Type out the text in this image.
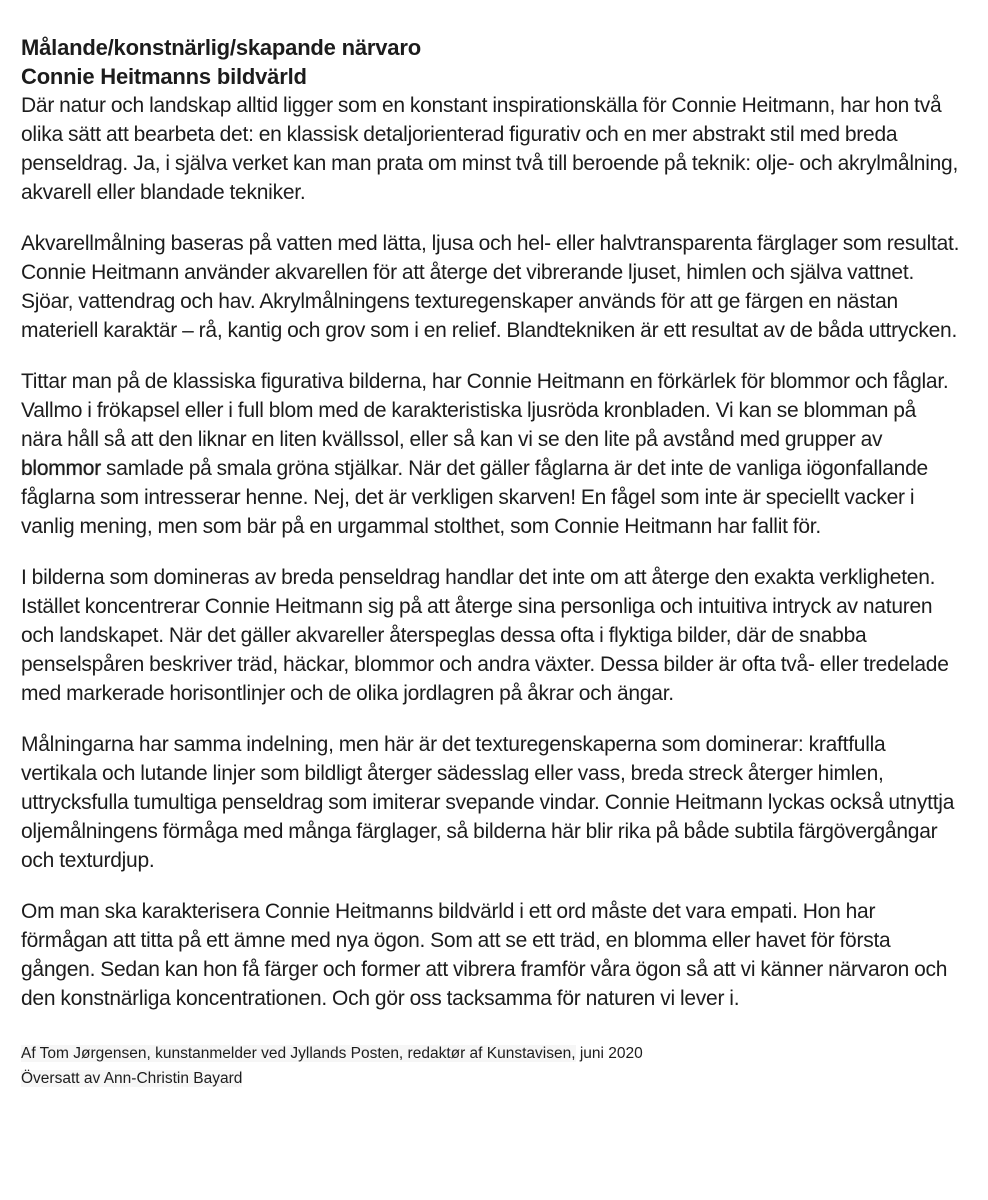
Målande/konstnärlig/skapande närvaro

Connie Heitmanns bildvärld

Där natur och landskap alltid ligger som en konstant inspirationskälla för Connie Heitmann, har hon två olika sätt att bearbeta det: en klassisk detaljorienterad figurativ och en mer abstrakt stil med breda penseldrag. Ja, i själva verket kan man prata om minst två till beroende på teknik: olje- och akrylmålning, akvarell eller blandade tekniker.

Akvarellmålning baseras på vatten med lätta, ljusa och hel- eller halvtransparenta färglager som resultat. Connie Heitmann använder akvarellen för att återge det vibrerande ljuset, himlen och själva vattnet. Sjöar, vattendrag och hav. Akrylmålningens texturegenskaper används för att ge färgen en nästan materiell karaktär – rå, kantig och grov som i en relief. Blandtekniken är ett resultat av de båda uttrycken.

Tittar man på de klassiska figurativa bilderna, har Connie Heitmann en förkärlek för blommor och fåglar. Vallmo i frökapsel eller i full blom med de karakteristiska ljusröda kronbladen. Vi kan se blomman på nära håll så att den liknar en liten kvällssol, eller så kan vi se den lite på avstånd med grupper av blommor samlade på smala gröna stjälkar. När det gäller fåglarna är det inte de vanliga iögonfallande fåglarna som intresserar henne. Nej, det är verkligen skarven! En fågel som inte är speciellt vacker i vanlig mening, men som bär på en urgammal stolthet, som Connie Heitmann har fallit för.

I bilderna som domineras av breda penseldrag handlar det inte om att återge den exakta verkligheten. Istället koncentrerar Connie Heitmann sig på att återge sina personliga och intuitiva intryck av naturen och landskapet. När det gäller akvareller återspeglas dessa ofta i flyktiga bilder, där de snabba penselspåren beskriver träd, häckar, blommor och andra växter. Dessa bilder är ofta två- eller tredelade med markerade horisontlinjer och de olika jordlagren på åkrar och ängar.

Målningarna har samma indelning, men här är det texturegenskaperna som dominerar: kraftfulla vertikala och lutande linjer som bildligt återger sädesslag eller vass, breda streck återger himlen, uttrycksfulla tumultiga penseldrag som imiterar svepande vindar. Connie Heitmann lyckas också utnyttja oljemålningens förmåga med många färglager, så bilderna här blir rika på både subtila färgövergångar och texturdjup.

Om man ska karakterisera Connie Heitmanns bildvärld i ett ord måste det vara empati. Hon har förmågan att titta på ett ämne med nya ögon. Som att se ett träd, en blomma eller havet för första gången. Sedan kan hon få färger och former att vibrera framför våra ögon så att vi känner närvaron och den konstnärliga koncentrationen. Och gör oss tacksamma för naturen vi lever i.

Af Tom Jørgensen, kunstanmelder ved Jyllands Posten, redaktør af Kunstavisen, juni 2020

Översatt av Ann-Christin Bayard
